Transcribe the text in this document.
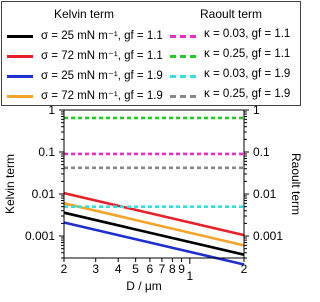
Kelvin term	Raoult term
σ = 25 mN m⁻¹, gf = 1.1
σ = 72 mN m⁻¹, gf = 1.1
σ = 25 mN m⁻¹, gf = 1.9
σ = 72 mN m⁻¹, gf = 1.9
κ = 0.03, gf = 1.1
κ = 0.25, gf = 1.1
κ = 0.03, gf = 1.9
κ = 0.25, gf = 1.9
1	1
0.1	0.1
0.01	0.01
0.001	0.001
2 3 4 5 6 7 8 9 1	2
D / μm
Kelvin term	Raoult term
